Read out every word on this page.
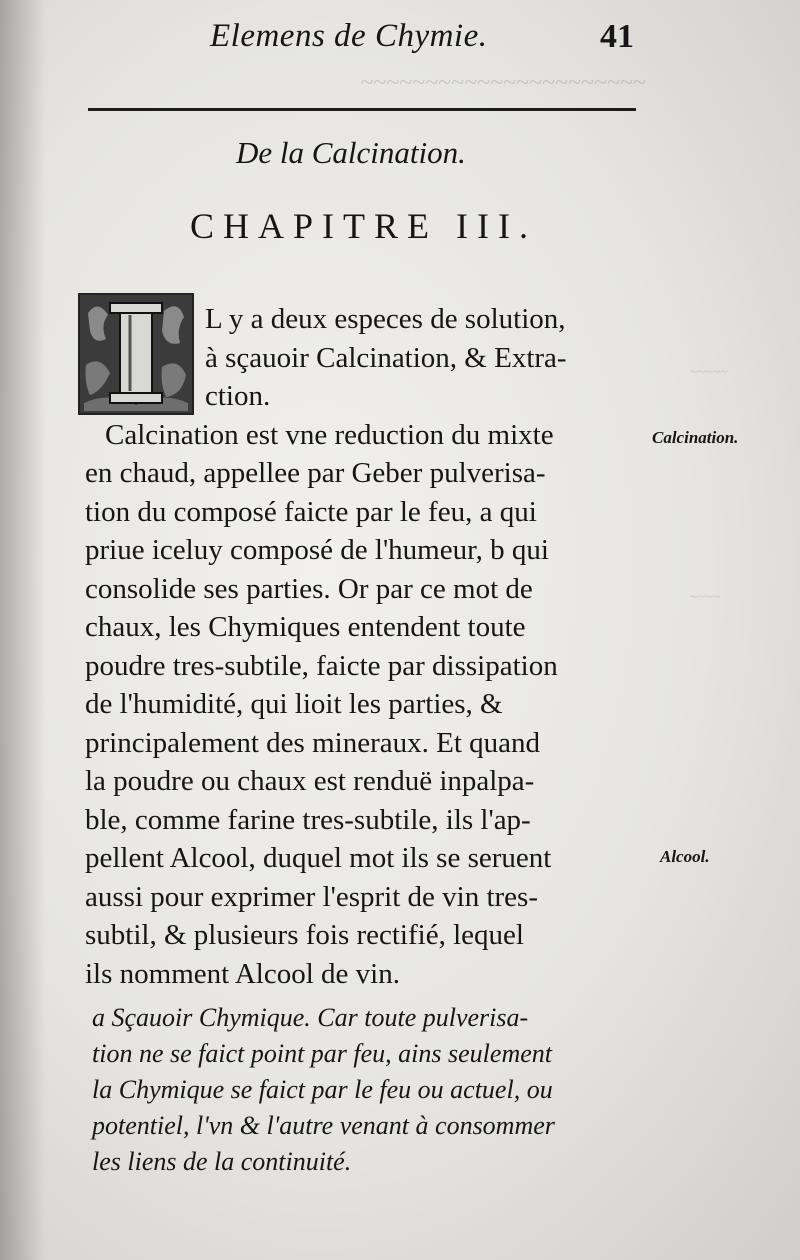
~~~~~~~~~~~~~~~~~~~~~~
~~~~~
~~~~
Elemens de Chymie.	41
De la Calcination.
CHAPITRE III.
L y a deux especes de solution,
à sçauoir Calcination, & Extra-
ction.
Calcination est vne reduction du mixte
en chaud, appellee par Geber pulverisa-
tion du composé faicte par le feu, a qui
priue iceluy composé de l'humeur, b qui
consolide ses parties. Or par ce mot de
chaux, les Chymiques entendent toute
poudre tres-subtile, faicte par dissipation
de l'humidité, qui lioit les parties, &
principalement des mineraux. Et quand
la poudre ou chaux est renduë inpalpa-
ble, comme farine tres-subtile, ils l'ap-
pellent Alcool, duquel mot ils se seruent
aussi pour exprimer l'esprit de vin tres-
subtil, & plusieurs fois rectifié, lequel
ils nomment Alcool de vin.
Calcination.
Alcool.
a Sçauoir Chymique. Car toute pulverisa-
tion ne se faict point par feu, ains seulement
la Chymique se faict par le feu ou actuel, ou
potentiel, l'vn & l'autre venant à consommer
les liens de la continuité.
